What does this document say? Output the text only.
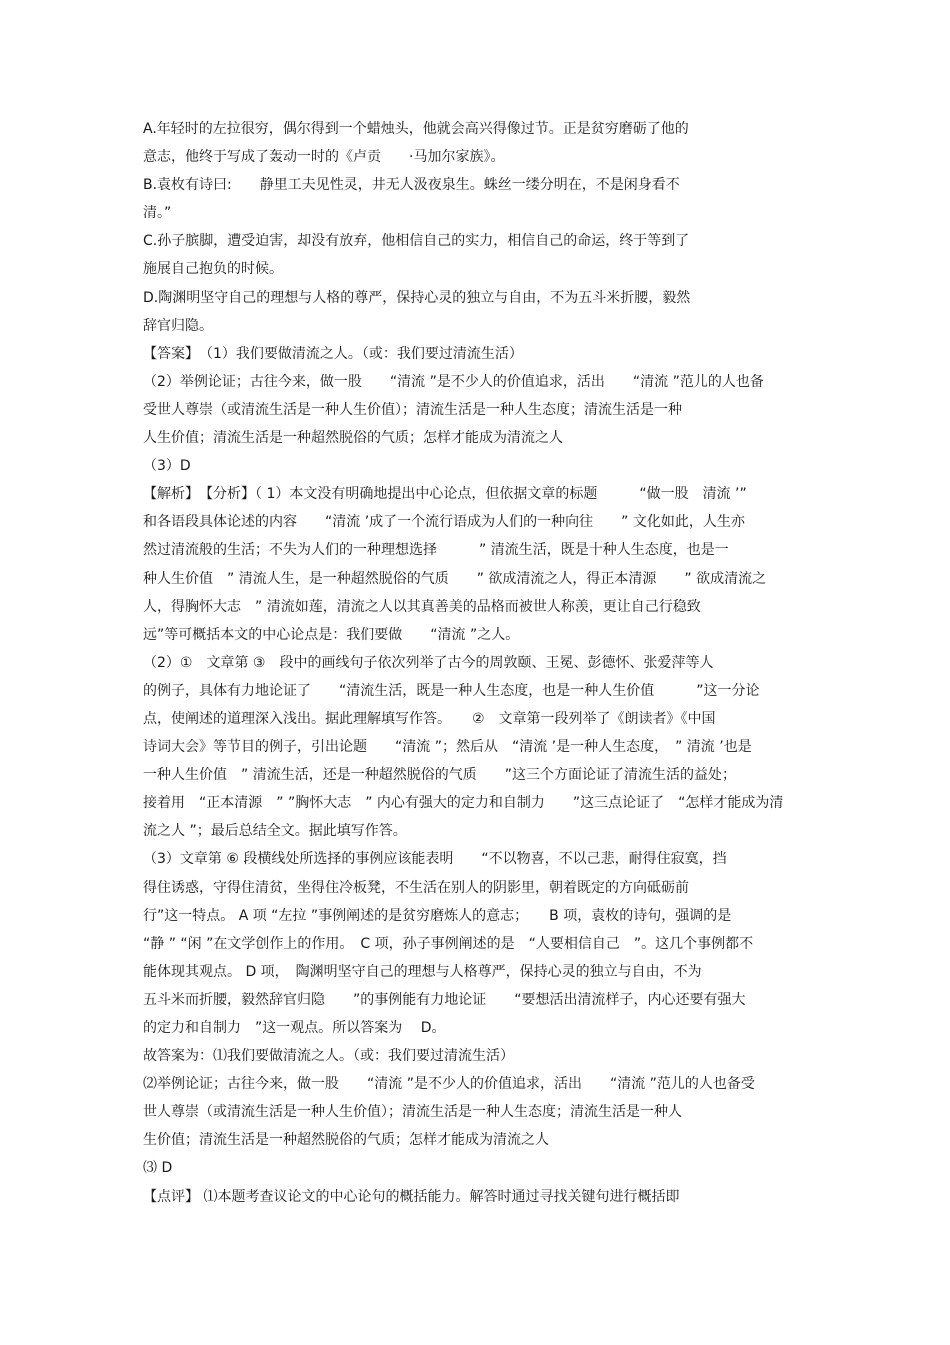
A.年轻时的左拉很穷，偶尔得到一个蜡烛头，他就会高兴得像过节。正是贫穷磨砺了他的
意志，他终于写成了轰动一时的《卢贡　　·马加尔家族》。
B.袁枚有诗曰:　　静里工夫见性灵，井无人汲夜泉生。蛛丝一缕分明在，不是闲身看不
清。”
C.孙子膑脚，遭受迫害，却没有放弃，他相信自己的实力，相信自己的命运，终于等到了
施展自己抱负的时候。
D.陶渊明坚守自己的理想与人格的尊严，保持心灵的独立与自由，不为五斗米折腰，毅然
辞官归隐。
【答案】　（1）我们要做清流之人。（或：我们要过清流生活）
（2）举例论证；古往今来，做一股　　“清流 ”是不少人的价值追求，活出　　“清流 ”范儿的人也备
受世人尊崇（或清流生活是一种人生价值）；清流生活是一种人生态度；清流生活是一种
人生价值；清流生活是一种超然脱俗的气质；怎样才能成为清流之人
（3）D
【解析】　【分析】（ 1）本文没有明确地提出中心论点，但依据文章的标题　　　“做一股　清流 ’”
和各语段具体论述的内容　　“清流 ’成了一个流行语成为人们的一种向往　　” 文化如此，人生亦
然过清流般的生活；不失为人们的一种理想选择　　　” 清流生活，既是十种人生态度，也是一
种人生价值　” 清流人生，是一种超然脱俗的气质　　” 欲成清流之人，得正本清源　　” 欲成清流之
人，得胸怀大志　” 清流如莲，清流之人以其真善美的品格而被世人称羡，更让自己行稳致
远”等可概括本文的中心论点是：我们要做　　“清流 ”之人。
（2）①　文章第 ③　段中的画线句子依次列举了古今的周敦颐、王冕、彭德怀、张爱萍等人
的例子，具体有力地论证了　　“清流生活，既是一种人生态度，也是一种人生价值　　　”这一分论
点，使阐述的道理深入浅出。据此理解填写作答。　　②　文章第一段列举了《朗读者》《中国
诗词大会》等节目的例子，引出论题　　“清流 ”；然后从　“清流 ’是一种人生态度，　” 清流 ’也是
一种人生价值　” 清流生活，还是一种超然脱俗的气质　　”这三个方面论证了清流生活的益处；
接着用　“正本清源　” ”胸怀大志　” 内心有强大的定力和自制力　　”这三点论证了　“怎样才能成为清
流之人 ”；最后总结全文。据此填写作答。
（3）文章第 ⑥ 段横线处所选择的事例应该能表明　　“不以物喜，不以己悲，耐得住寂寞，挡
得住诱惑，守得住清贫，坐得住冷板凳，不生活在别人的阴影里，朝着既定的方向砥砺前
行”这一特点。 A 项 “左拉 ”事例阐述的是贫穷磨炼人的意志；　　B 项，袁枚的诗句，强调的是
“静 ” “闲 ”在文学创作上的作用。　C 项，孙子事例阐述的是　“人要相信自己　”。这几个事例都不
能体现其观点。 D 项，　陶渊明坚守自己的理想与人格尊严，保持心灵的独立与自由，不为
五斗米而折腰，毅然辞官归隐　　”的事例能有力地论证　　“要想活出清流样子，内心还要有强大
的定力和自制力　”这一观点。所以答案为　 D。
故答案为：⑴我们要做清流之人。（或：我们要过清流生活）
⑵举例论证；古往今来，做一股　　“清流 ”是不少人的价值追求，活出　　“清流 ”范儿的人也备受
世人尊崇（或清流生活是一种人生价值）；清流生活是一种人生态度；清流生活是一种人
生价值；清流生活是一种超然脱俗的气质；怎样才能成为清流之人
⑶ D
【点评】 ⑴本题考查议论文的中心论句的概括能力。解答时通过寻找关键句进行概括即
